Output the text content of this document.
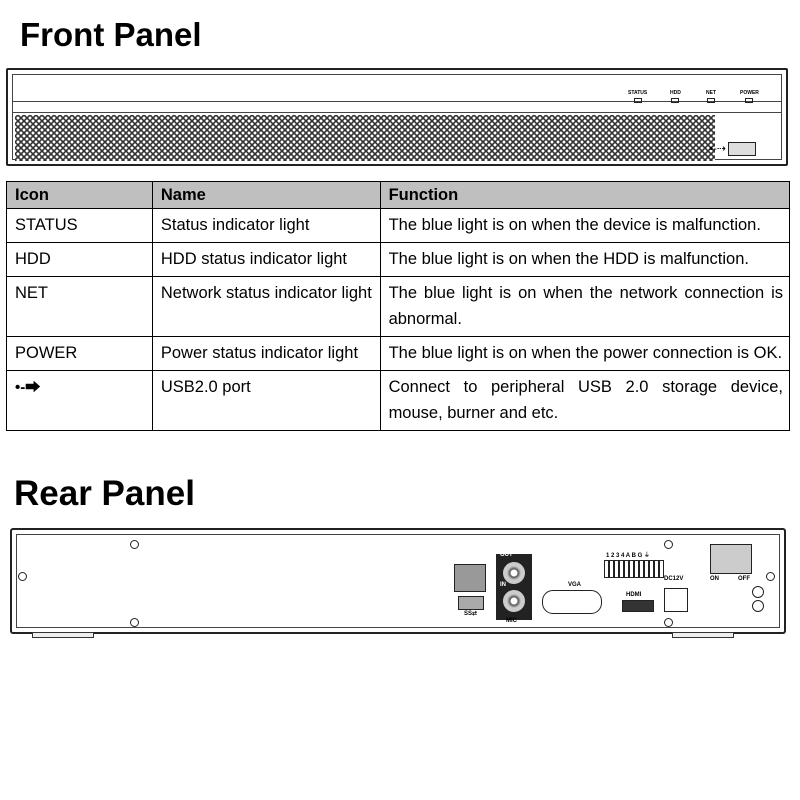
Front Panel
STATUS	HDD	NET	POWER
•‐⇢
Icon	Name	Function
STATUS	Status indicator light	The blue light is on when the device is malfunction.
HDD	HDD status indicator light	The blue light is on when the HDD is malfunction.
NET	Network status indicator light	The blue light is on when the network connection is abnormal.
POWER	Power status indicator light	The blue light is on when the power connection is OK.
•‐⮕	USB2.0 port	Connect to peripheral USB 2.0 storage device, mouse, burner and etc.
Rear Panel
SS⇄
OUT
IN
MIC
VGA
1 2 3 4 A B G ⏚
HDMI
DC12V	ON	OFF
